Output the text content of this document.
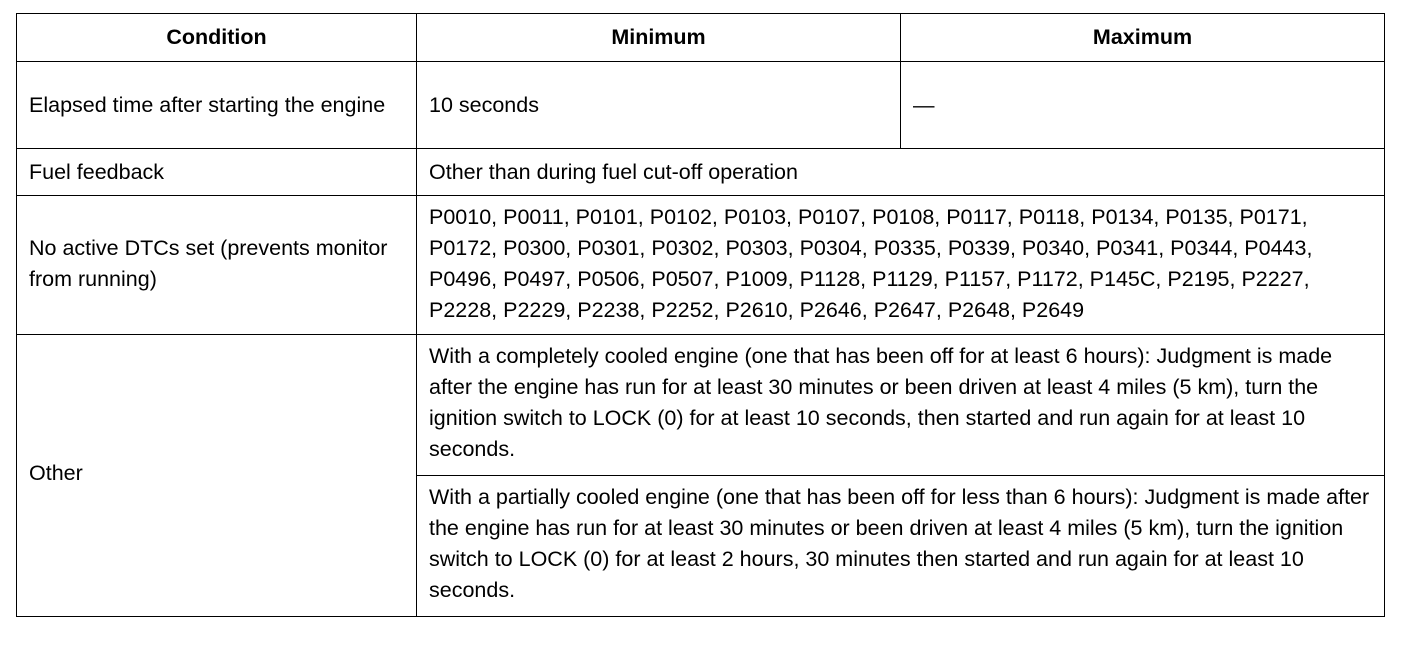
Condition	Minimum	Maximum
Elapsed time after starting the engine	10 seconds	—
Fuel feedback	Other than during fuel cut-off operation	
No active DTCs set (prevents monitor from running)	P0010, P0011, P0101, P0102, P0103, P0107, P0108, P0117, P0118, P0134, P0135, P0171, P0172, P0300, P0301, P0302, P0303, P0304, P0335, P0339, P0340, P0341, P0344, P0443, P0496, P0497, P0506, P0507, P1009, P1128, P1129, P1157, P1172, P145C, P2195, P2227, P2228, P2229, P2238, P2252, P2610, P2646, P2647, P2648, P2649	
Other	With a completely cooled engine (one that has been off for at least 6 hours): Judgment is made after the engine has run for at least 30 minutes or been driven at least 4 miles (5 km), turn the ignition switch to LOCK (0) for at least 10 seconds, then started and run again for at least 10 seconds.	
	With a partially cooled engine (one that has been off for less than 6 hours): Judgment is made after the engine has run for at least 30 minutes or been driven at least 4 miles (5 km), turn the ignition switch to LOCK (0) for at least 2 hours, 30 minutes then started and run again for at least 10 seconds.	
